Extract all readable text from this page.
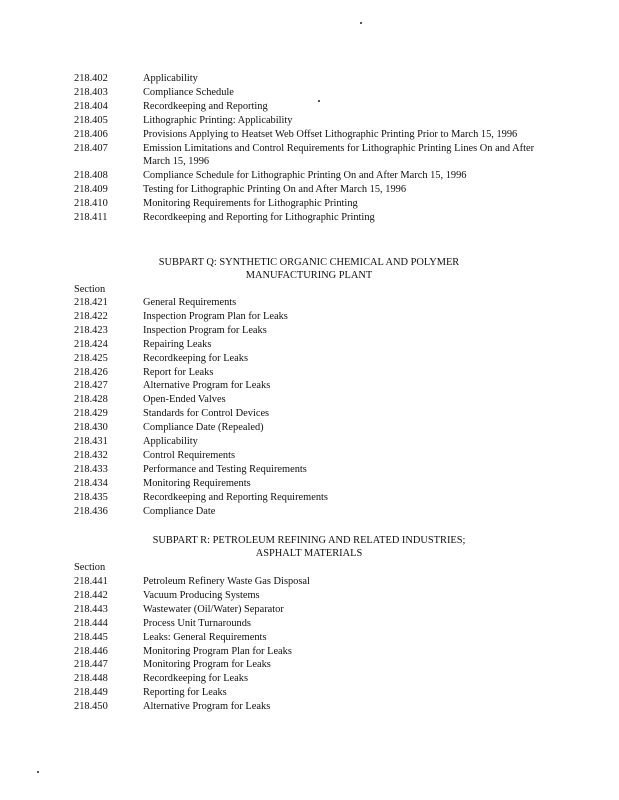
218.402	Applicability
218.403	Compliance Schedule
218.404	Recordkeeping and Reporting
218.405	Lithographic Printing: Applicability
218.406	Provisions Applying to Heatset Web Offset Lithographic Printing Prior to March 15, 1996
218.407	Emission Limitations and Control Requirements for Lithographic Printing Lines On and After March 15, 1996
218.408	Compliance Schedule for Lithographic Printing On and After March 15, 1996
218.409	Testing for Lithographic Printing On and After March 15, 1996
218.410	Monitoring Requirements for Lithographic Printing
218.411	Recordkeeping and Reporting for Lithographic Printing
SUBPART Q: SYNTHETIC ORGANIC CHEMICAL AND POLYMER
MANUFACTURING PLANT
Section
218.421	General Requirements
218.422	Inspection Program Plan for Leaks
218.423	Inspection Program for Leaks
218.424	Repairing Leaks
218.425	Recordkeeping for Leaks
218.426	Report for Leaks
218.427	Alternative Program for Leaks
218.428	Open-Ended Valves
218.429	Standards for Control Devices
218.430	Compliance Date (Repealed)
218.431	Applicability
218.432	Control Requirements
218.433	Performance and Testing Requirements
218.434	Monitoring Requirements
218.435	Recordkeeping and Reporting Requirements
218.436	Compliance Date
SUBPART R: PETROLEUM REFINING AND RELATED INDUSTRIES;
ASPHALT MATERIALS
Section
218.441	Petroleum Refinery Waste Gas Disposal
218.442	Vacuum Producing Systems
218.443	Wastewater (Oil/Water) Separator
218.444	Process Unit Turnarounds
218.445	Leaks: General Requirements
218.446	Monitoring Program Plan for Leaks
218.447	Monitoring Program for Leaks
218.448	Recordkeeping for Leaks
218.449	Reporting for Leaks
218.450	Alternative Program for Leaks
